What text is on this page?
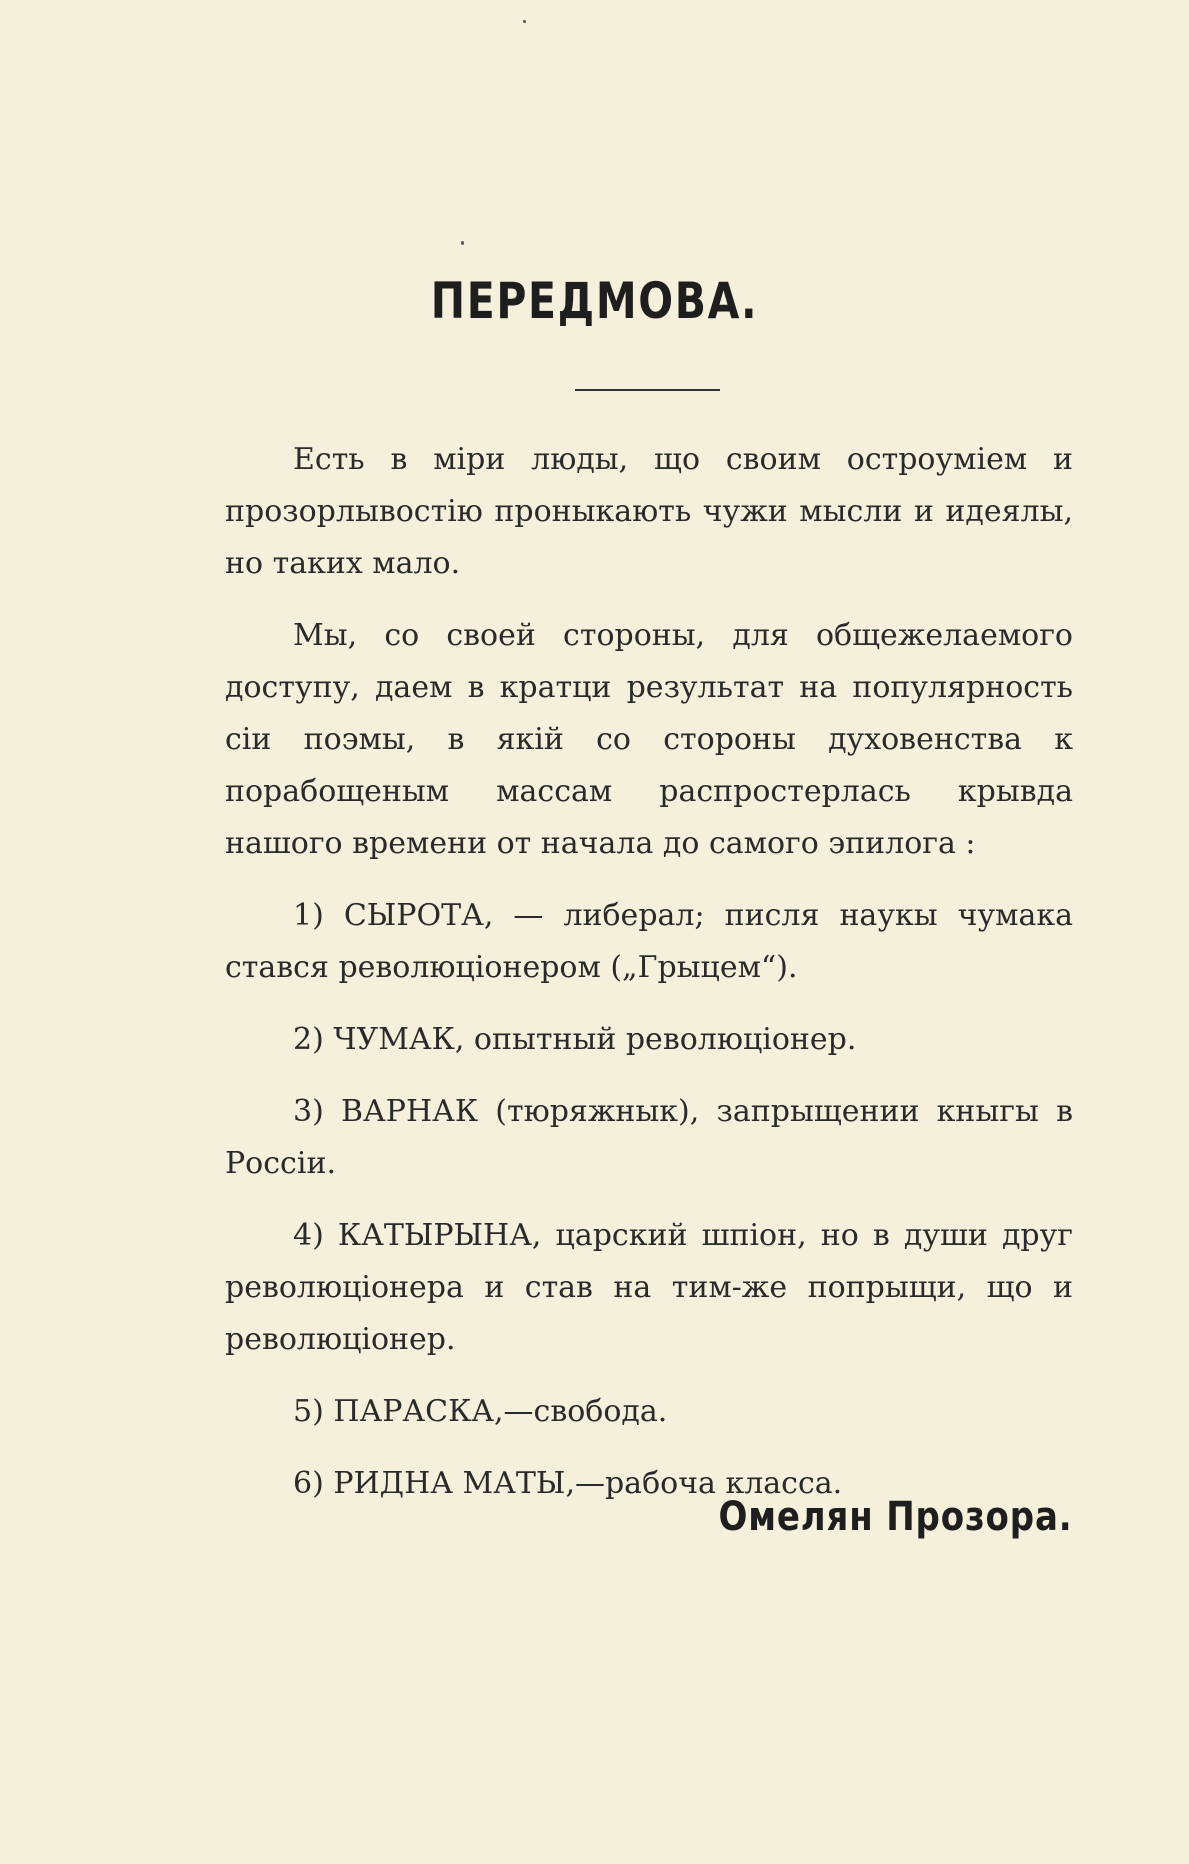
ПЕРЕДМОВА.

Есть в міри люды, що своим остроуміем и прозорлывостію проныкають чужи мысли и идеялы, но таких мало.

Мы, со своей стороны, для общежелаемого доступу, даем в кратци результат на популярность сіи поэмы, в якій со стороны духовенства к порабощеным массам распростерлась крывда нашого времени от начала до самого эпилога :

1) СЫРОТА, — либерал; писля наукы чумака стався революціонером („Грыцем“).

2) ЧУМАК, опытный революціонер.

3) ВАРНАК (тюряжнык), запрыщении кныгы в Россіи.

4) КАТЫРЫНА, царский шпіон, но в души друг революціонера и став на тим-же попрыщи, що и революціонер.

5) ПАРАСКА,—свобода.

6) РИДНА МАТЫ,—рабоча класса.

Омелян Прозора.
